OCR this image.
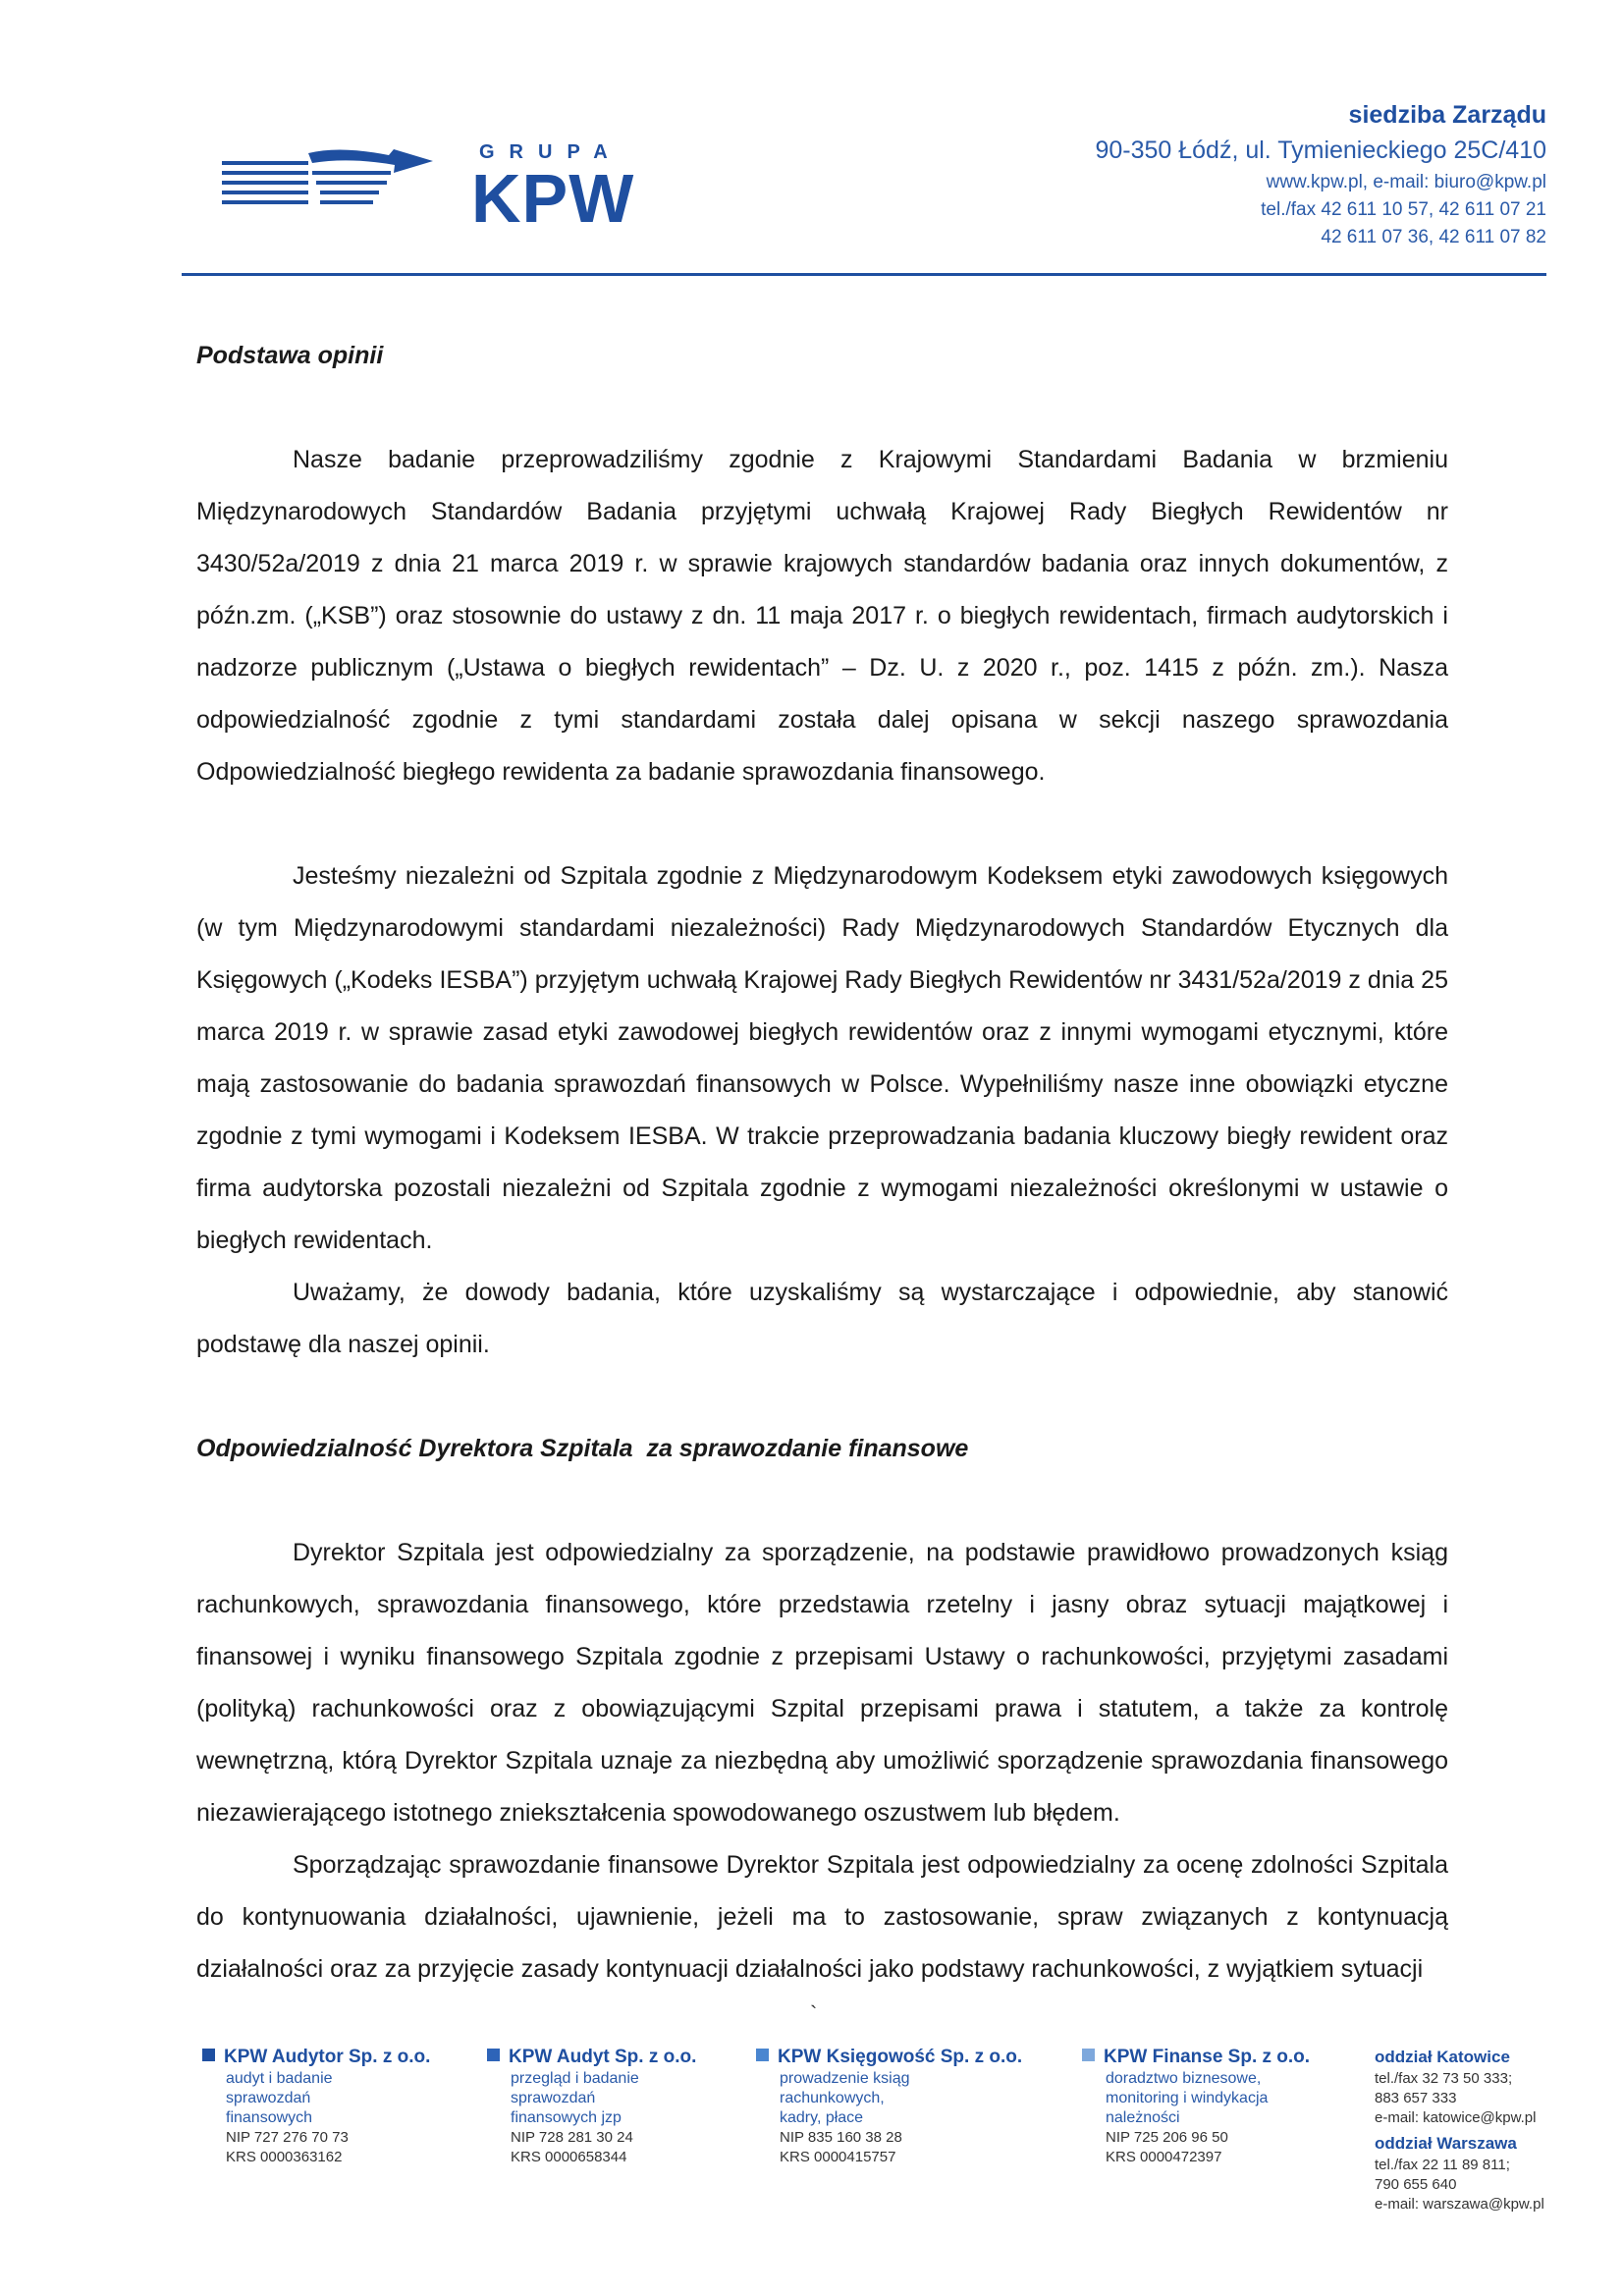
GRUPA
KPW
siedziba Zarządu
90-350 Łódź, ul. Tymienieckiego 25C/410
www.kpw.pl, e-mail: biuro@kpw.pl
tel./fax 42 611 10 57, 42 611 07 21
42 611 07 36, 42 611 07 82

Podstawa opinii

Nasze badanie przeprowadziliśmy zgodnie z Krajowymi Standardami Badania w brzmieniu Międzynarodowych Standardów Badania przyjętymi uchwałą Krajowej Rady Biegłych Rewidentów nr 3430/52a/2019 z dnia 21 marca 2019 r. w sprawie krajowych standardów badania oraz innych dokumentów, z późn.zm. („KSB”) oraz stosownie do ustawy z dn. 11 maja 2017 r. o biegłych rewidentach, firmach audytorskich i nadzorze publicznym („Ustawa o biegłych rewidentach” – Dz. U. z 2020 r., poz. 1415 z późn. zm.). Nasza odpowiedzialność zgodnie z tymi standardami została dalej opisana w sekcji naszego sprawozdania Odpowiedzialność biegłego rewidenta za badanie sprawozdania finansowego.

Jesteśmy niezależni od Szpitala zgodnie z Międzynarodowym Kodeksem etyki zawodowych księgowych (w tym Międzynarodowymi standardami niezależności) Rady Międzynarodowych Standardów Etycznych dla Księgowych („Kodeks IESBA”) przyjętym uchwałą Krajowej Rady Biegłych Rewidentów nr 3431/52a/2019 z dnia 25 marca 2019 r. w sprawie zasad etyki zawodowej biegłych rewidentów oraz z innymi wymogami etycznymi, które mają zastosowanie do badania sprawozdań finansowych w Polsce. Wypełniliśmy nasze inne obowiązki etyczne zgodnie z tymi wymogami i Kodeksem IESBA. W trakcie przeprowadzania badania kluczowy biegły rewident oraz firma audytorska pozostali niezależni od Szpitala zgodnie z wymogami niezależności określonymi w ustawie o biegłych rewidentach.

Uważamy, że dowody badania, które uzyskaliśmy są wystarczające i odpowiednie, aby stanowić podstawę dla naszej opinii.

Odpowiedzialność Dyrektora Szpitala  za sprawozdanie finansowe

Dyrektor Szpitala jest odpowiedzialny za sporządzenie, na podstawie prawidłowo prowadzonych ksiąg rachunkowych, sprawozdania finansowego, które przedstawia rzetelny i jasny obraz sytuacji majątkowej i finansowej i wyniku finansowego Szpitala zgodnie z przepisami Ustawy o rachunkowości, przyjętymi zasadami (polityką) rachunkowości oraz z obowiązującymi Szpital przepisami prawa i statutem, a także za kontrolę wewnętrzną, którą Dyrektor Szpitala uznaje za niezbędną aby umożliwić sporządzenie sprawozdania finansowego niezawierającego istotnego zniekształcenia spowodowanego oszustwem lub błędem.

Sporządzając sprawozdanie finansowe Dyrektor Szpitala jest odpowiedzialny za ocenę zdolności Szpitala do kontynuowania działalności, ujawnienie, jeżeli ma to zastosowanie, spraw związanych z kontynuacją działalności oraz za przyjęcie zasady kontynuacji działalności jako podstawy rachunkowości, z wyjątkiem sytuacji

`
KPW Audytor Sp. z o.o.
audyt i badanie
sprawozdań
finansowych
NIP 727 276 70 73
KRS 0000363162
KPW Audyt Sp. z o.o.
przegląd i badanie
sprawozdań
finansowych jzp
NIP 728 281 30 24
KRS 0000658344
KPW Księgowość Sp. z o.o.
prowadzenie ksiąg
rachunkowych,
kadry, płace
NIP 835 160 38 28
KRS 0000415757
KPW Finanse Sp. z o.o.
doradztwo biznesowe,
monitoring i windykacja
należności
NIP 725 206 96 50
KRS 0000472397
oddział Katowice
tel./fax 32 73 50 333;
883 657 333
e-mail: katowice@kpw.pl
oddział Warszawa
tel./fax 22 11 89 811;
790 655 640
e-mail: warszawa@kpw.pl
